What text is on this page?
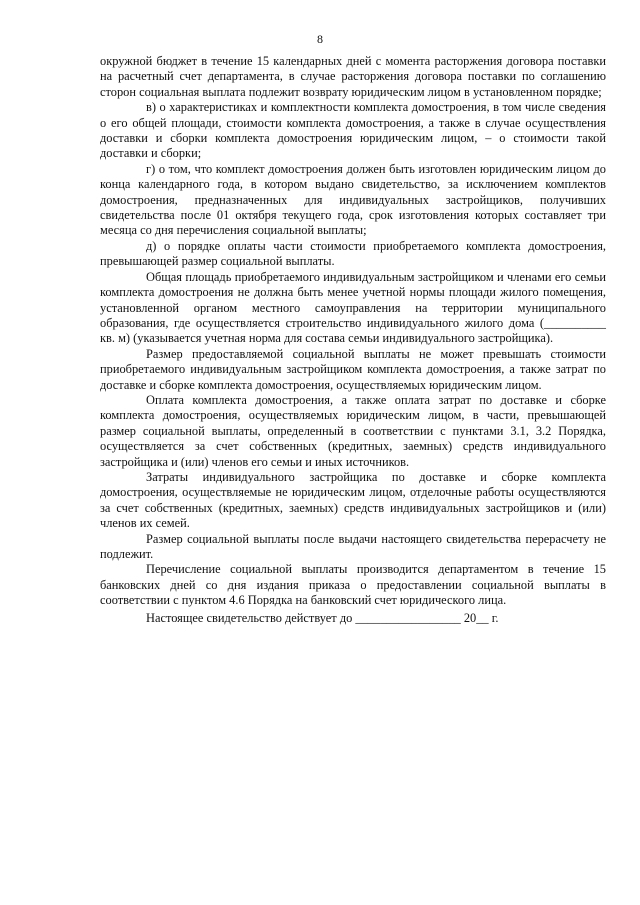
8

окружной бюджет в течение 15 календарных дней с момента расторжения договора поставки на расчетный счет департамента, в случае расторжения договора поставки по соглашению сторон социальная выплата подлежит возврату юридическим лицом в установленном порядке;

в) о характеристиках и комплектности комплекта домостроения, в том числе сведения о его общей площади, стоимости комплекта домостроения, а также в случае осуществления доставки и сборки комплекта домостроения юридическим лицом, – о стоимости такой доставки и сборки;

г) о том, что комплект домостроения должен быть изготовлен юридическим лицом до конца календарного года, в котором выдано свидетельство, за исключением комплектов домостроения, предназначенных для индивидуальных застройщиков, получивших свидетельства после 01 октября текущего года, срок изготовления которых составляет три месяца со дня перечисления социальной выплаты;

д) о порядке оплаты части стоимости приобретаемого комплекта домостроения, превышающей размер социальной выплаты.

Общая площадь приобретаемого индивидуальным застройщиком и членами его семьи комплекта домостроения не должна быть менее учетной нормы площади жилого помещения, установленной органом местного самоуправления на территории муниципального образования, где осуществляется строительство индивидуального жилого дома (__________ кв. м) (указывается учетная норма для состава семьи индивидуального застройщика).

Размер предоставляемой социальной выплаты не может превышать стоимости приобретаемого индивидуальным застройщиком комплекта домостроения, а также затрат по доставке и сборке комплекта домостроения, осуществляемых юридическим лицом.

Оплата комплекта домостроения, а также оплата затрат по доставке и сборке комплекта домостроения, осуществляемых юридическим лицом, в части, превышающей размер социальной выплаты, определенный в соответствии с пунктами 3.1, 3.2 Порядка, осуществляется за счет собственных (кредитных, заемных) средств индивидуального застройщика и (или) членов его семьи и иных источников.

Затраты индивидуального застройщика по доставке и сборке комплекта домостроения, осуществляемые не юридическим лицом, отделочные работы осуществляются за счет собственных (кредитных, заемных) средств индивидуальных застройщиков и (или) членов их семей.

Размер социальной выплаты после выдачи настоящего свидетельства перерасчету не подлежит.

Перечисление социальной выплаты производится департаментом в течение 15 банковских дней со дня издания приказа о предоставлении социальной выплаты в соответствии с пунктом 4.6 Порядка на банковский счет юридического лица.

Настоящее свидетельство действует до _________________ 20__ г.
